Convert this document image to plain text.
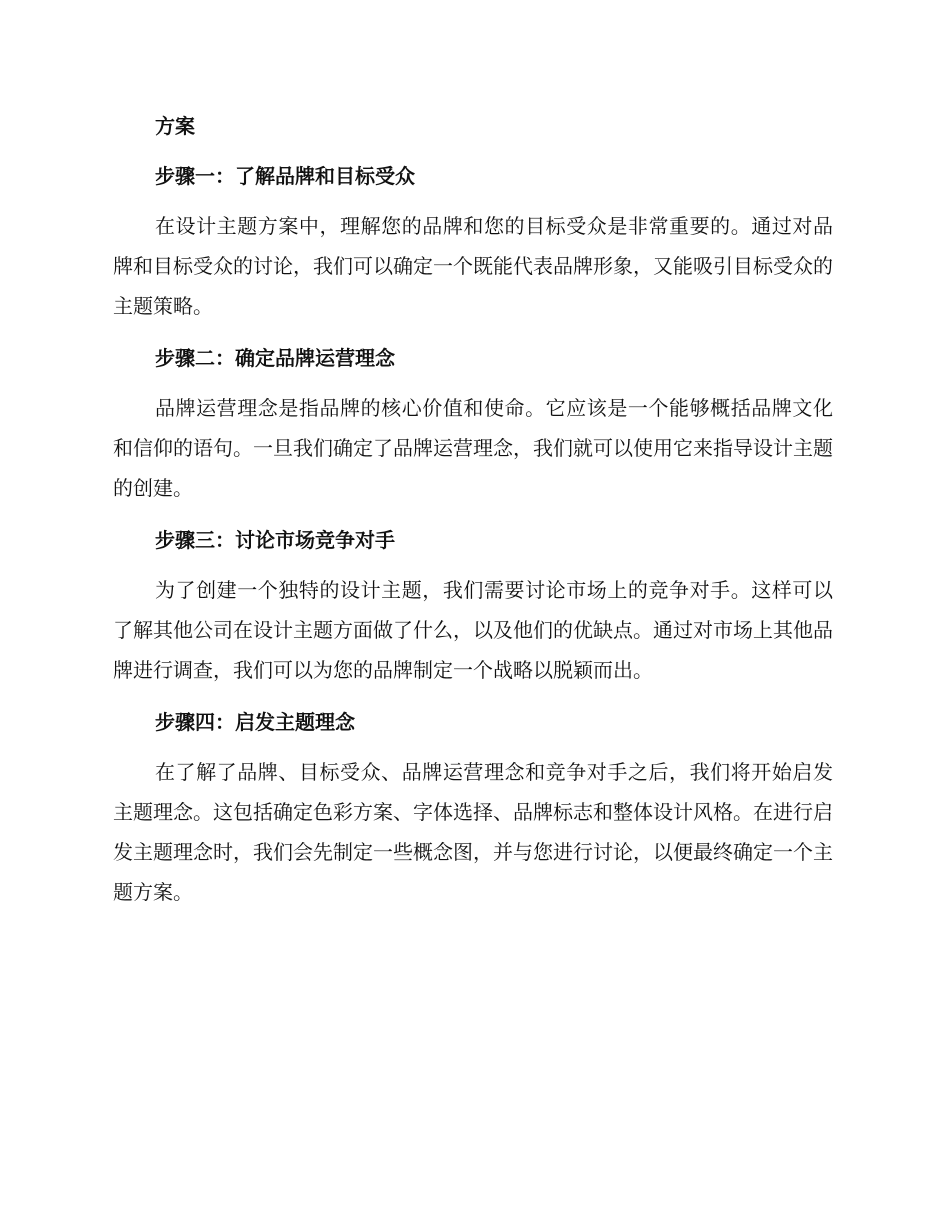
方案
步骤一：了解品牌和目标受众

在设计主题方案中，理解您的品牌和您的目标受众是非常重要的。通过对品牌和目标受众的讨论，我们可以确定一个既能代表品牌形象，又能吸引目标受众的主题策略。

步骤二：确定品牌运营理念

品牌运营理念是指品牌的核心价值和使命。它应该是一个能够概括品牌文化和信仰的语句。一旦我们确定了品牌运营理念，我们就可以使用它来指导设计主题的创建。

步骤三：讨论市场竞争对手

为了创建一个独特的设计主题，我们需要讨论市场上的竞争对手。这样可以了解其他公司在设计主题方面做了什么，以及他们的优缺点。通过对市场上其他品牌进行调查，我们可以为您的品牌制定一个战略以脱颖而出。

步骤四：启发主题理念

在了解了品牌、目标受众、品牌运营理念和竞争对手之后，我们将开始启发主题理念。这包括确定色彩方案、字体选择、品牌标志和整体设计风格。在进行启发主题理念时，我们会先制定一些概念图，并与您进行讨论，以便最终确定一个主题方案。
